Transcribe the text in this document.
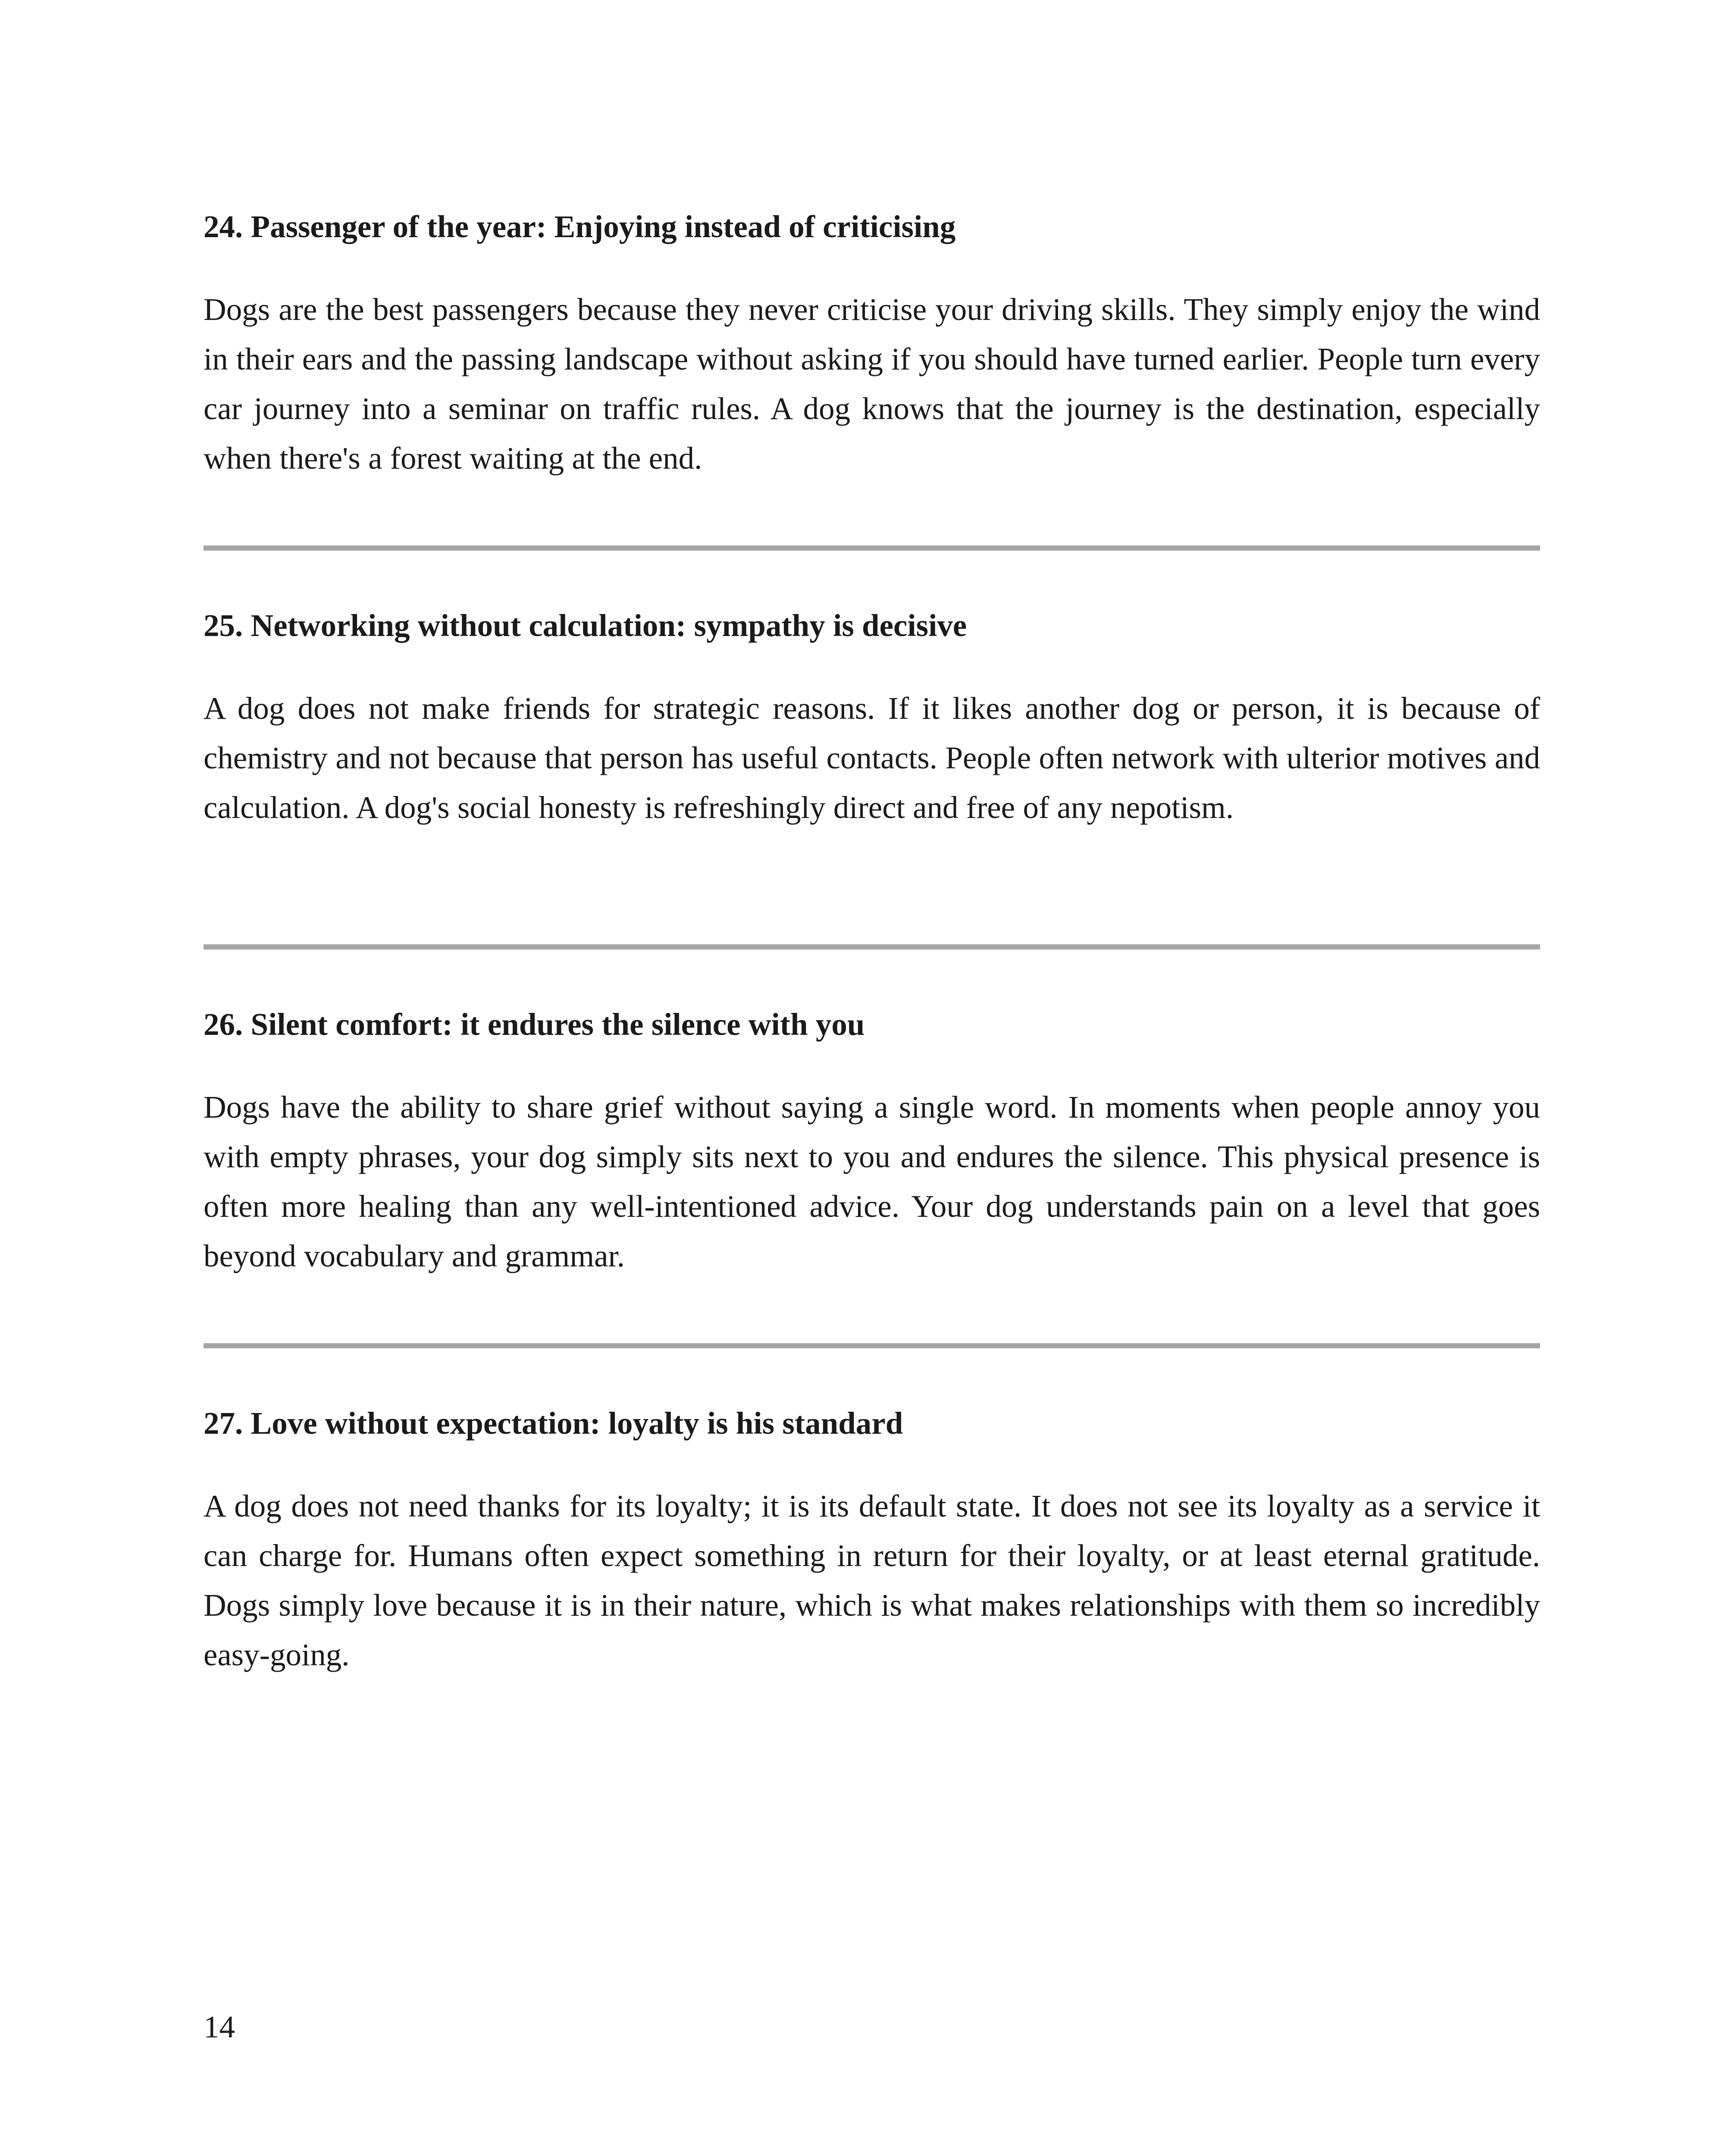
24. Passenger of the year: Enjoying instead of criticising

Dogs are the best passengers because they never criticise your driving skills. They simply enjoy the wind in their ears and the passing landscape without asking if you should have turned earlier. People turn every car journey into a seminar on traffic rules. A dog knows that the journey is the destination, especially when there's a forest waiting at the end.

25. Networking without calculation: sympathy is decisive

A dog does not make friends for strategic reasons. If it likes another dog or person, it is because of chemistry and not because that person has useful contacts. People often network with ulterior motives and calculation. A dog's social honesty is refreshingly direct and free of any nepotism.

26. Silent comfort: it endures the silence with you

Dogs have the ability to share grief without saying a single word. In moments when people annoy you with empty phrases, your dog simply sits next to you and endures the silence. This physical presence is often more healing than any well-intentioned advice. Your dog understands pain on a level that goes beyond vocabulary and grammar.

27. Love without expectation: loyalty is his standard

A dog does not need thanks for its loyalty; it is its default state. It does not see its loyalty as a service it can charge for. Humans often expect something in return for their loyalty, or at least eternal gratitude. Dogs simply love because it is in their nature, which is what makes relationships with them so incredibly easy-going.

14
